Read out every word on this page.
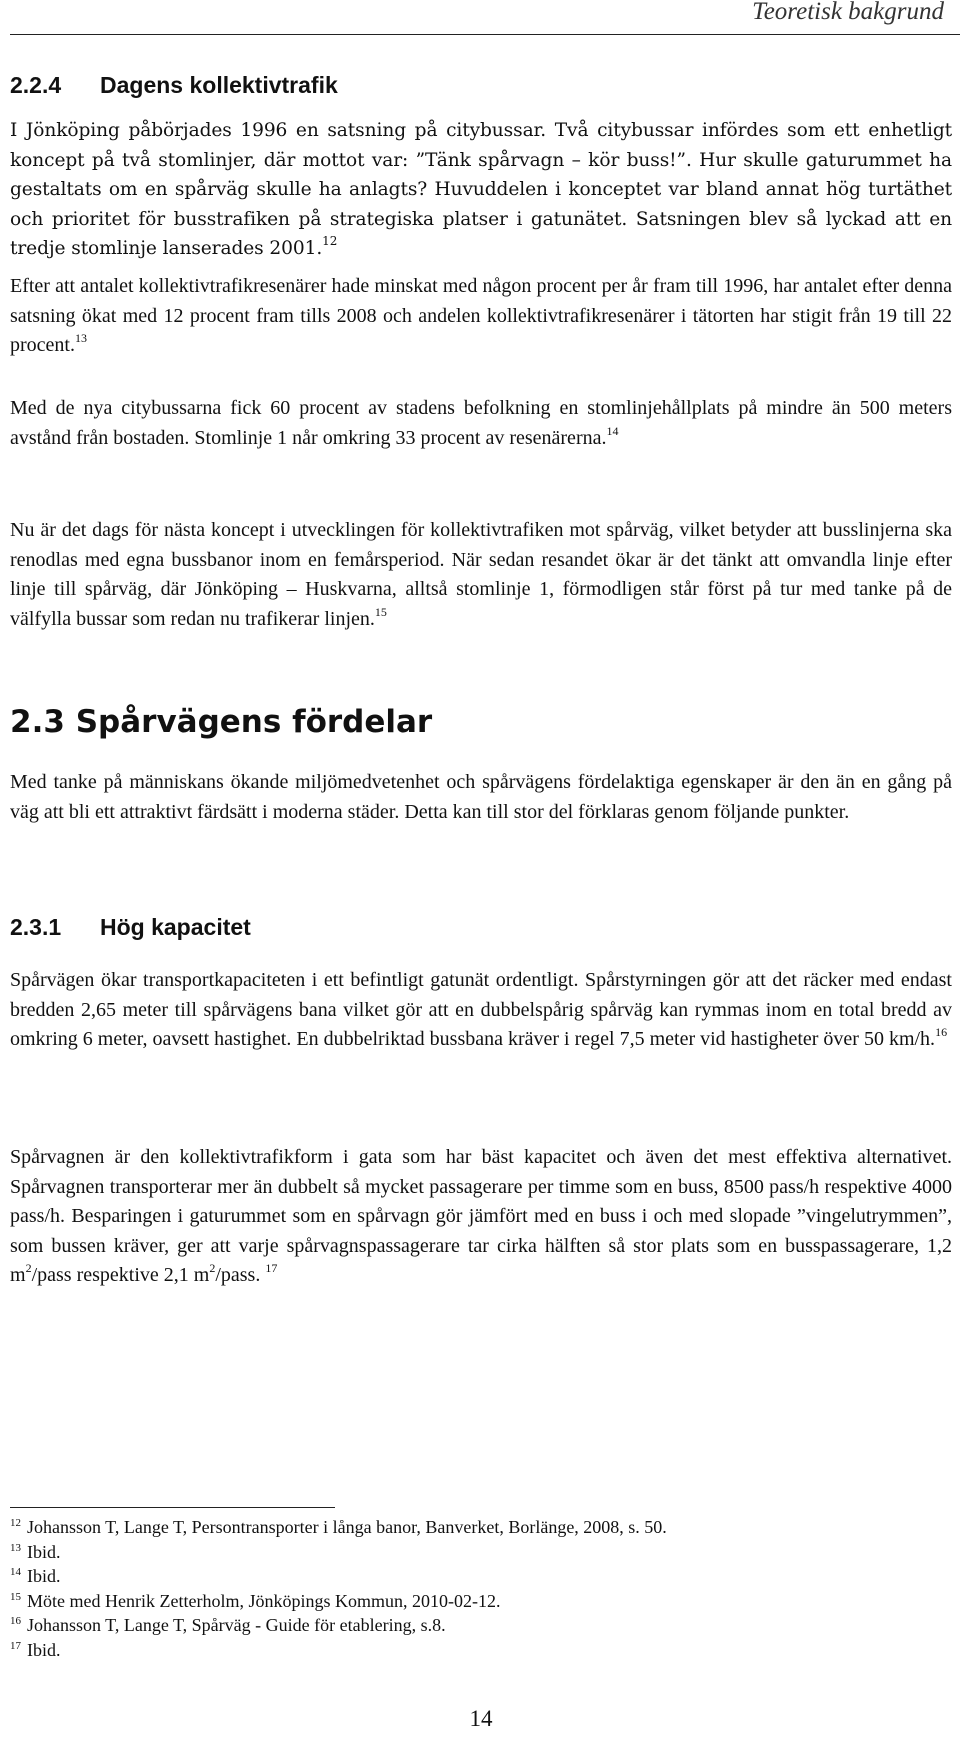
Teoretisk bakgrund
2.2.4 Dagens kollektivtrafik

I Jönköping påbörjades 1996 en satsning på citybussar. Två citybussar infördes som ett enhetligt koncept på två stomlinjer, där mottot var: ”Tänk spårvagn – kör buss!”. Hur skulle gaturummet ha gestaltats om en spårväg skulle ha anlagts? Huvuddelen i konceptet var bland annat hög turtäthet och prioritet för busstrafiken på strategiska platser i gatunätet. Satsningen blev så lyckad att en tredje stomlinje lanserades 2001.12

Efter att antalet kollektivtrafikresenärer hade minskat med någon procent per år fram till 1996, har antalet efter denna satsning ökat med 12 procent fram tills 2008 och andelen kollektivtrafikresenärer i tätorten har stigit från 19 till 22 procent.$^{13}$

Med de nya citybussarna fick 60 procent av stadens befolkning en stomlinjehållplats på mindre än 500 meters avstånd från bostaden. Stomlinje 1 når omkring 33 procent av resenärerna.$^{14}$

Nu är det dags för nästa koncept i utvecklingen för kollektivtrafiken mot spårväg, vilket betyder att busslinjerna ska renodlas med egna bussbanor inom en femårsperiod. När sedan resandet ökar är det tänkt att omvandla linje efter linje till spårväg, där Jönköping – Huskvarna, alltså stomlinje 1, förmodligen står först på tur med tanke på de välfylla bussar som redan nu trafikerar linjen.$^{15}$

2.3 Spårvägens fördelar

Med tanke på människans ökande miljömedvetenhet och spårvägens fördelaktiga egenskaper är den än en gång på väg att bli ett attraktivt färdsätt i moderna städer. Detta kan till stor del förklaras genom följande punkter.

2.3.1 Hög kapacitet

Spårvägen ökar transportkapaciteten i ett befintligt gatunät ordentligt. Spårstyrningen gör att det räcker med endast bredden 2,65 meter till spårvägens bana vilket gör att en dubbelspårig spårväg kan rymmas inom en total bredd av omkring 6 meter, oavsett hastighet. En dubbelriktad bussbana kräver i regel 7,5 meter vid hastigheter över 50 km/h.$^{16}$

Spårvagnen är den kollektivtrafikform i gata som har bäst kapacitet och även det mest effektiva alternativet. Spårvagnen transporterar mer än dubbelt så mycket passagerare per timme som en buss, 8500 pass/h respektive 4000 pass/h. Besparingen i gaturummet som en spårvagn gör jämfört med en buss i och med slopade ”vingelutrymmen”, som bussen kräver, ger att varje spårvagnspassagerare tar cirka hälften så stor plats som en busspassagerare, 1,2 $m^2$/pass respektive 2,1 $m^2$/pass. $^{17}$

$^{12}$ Johansson T, Lange T, Persontransporter i långa banor, Banverket, Borlänge, 2008, s. 50.
$^{13}$ Ibid.
$^{14}$ Ibid.
$^{15}$ Möte med Henrik Zetterholm, Jönköpings Kommun, 2010-02-12.
$^{16}$ Johansson T, Lange T, Spårväg - Guide för etablering, s.8.
$^{17}$ Ibid.
14
